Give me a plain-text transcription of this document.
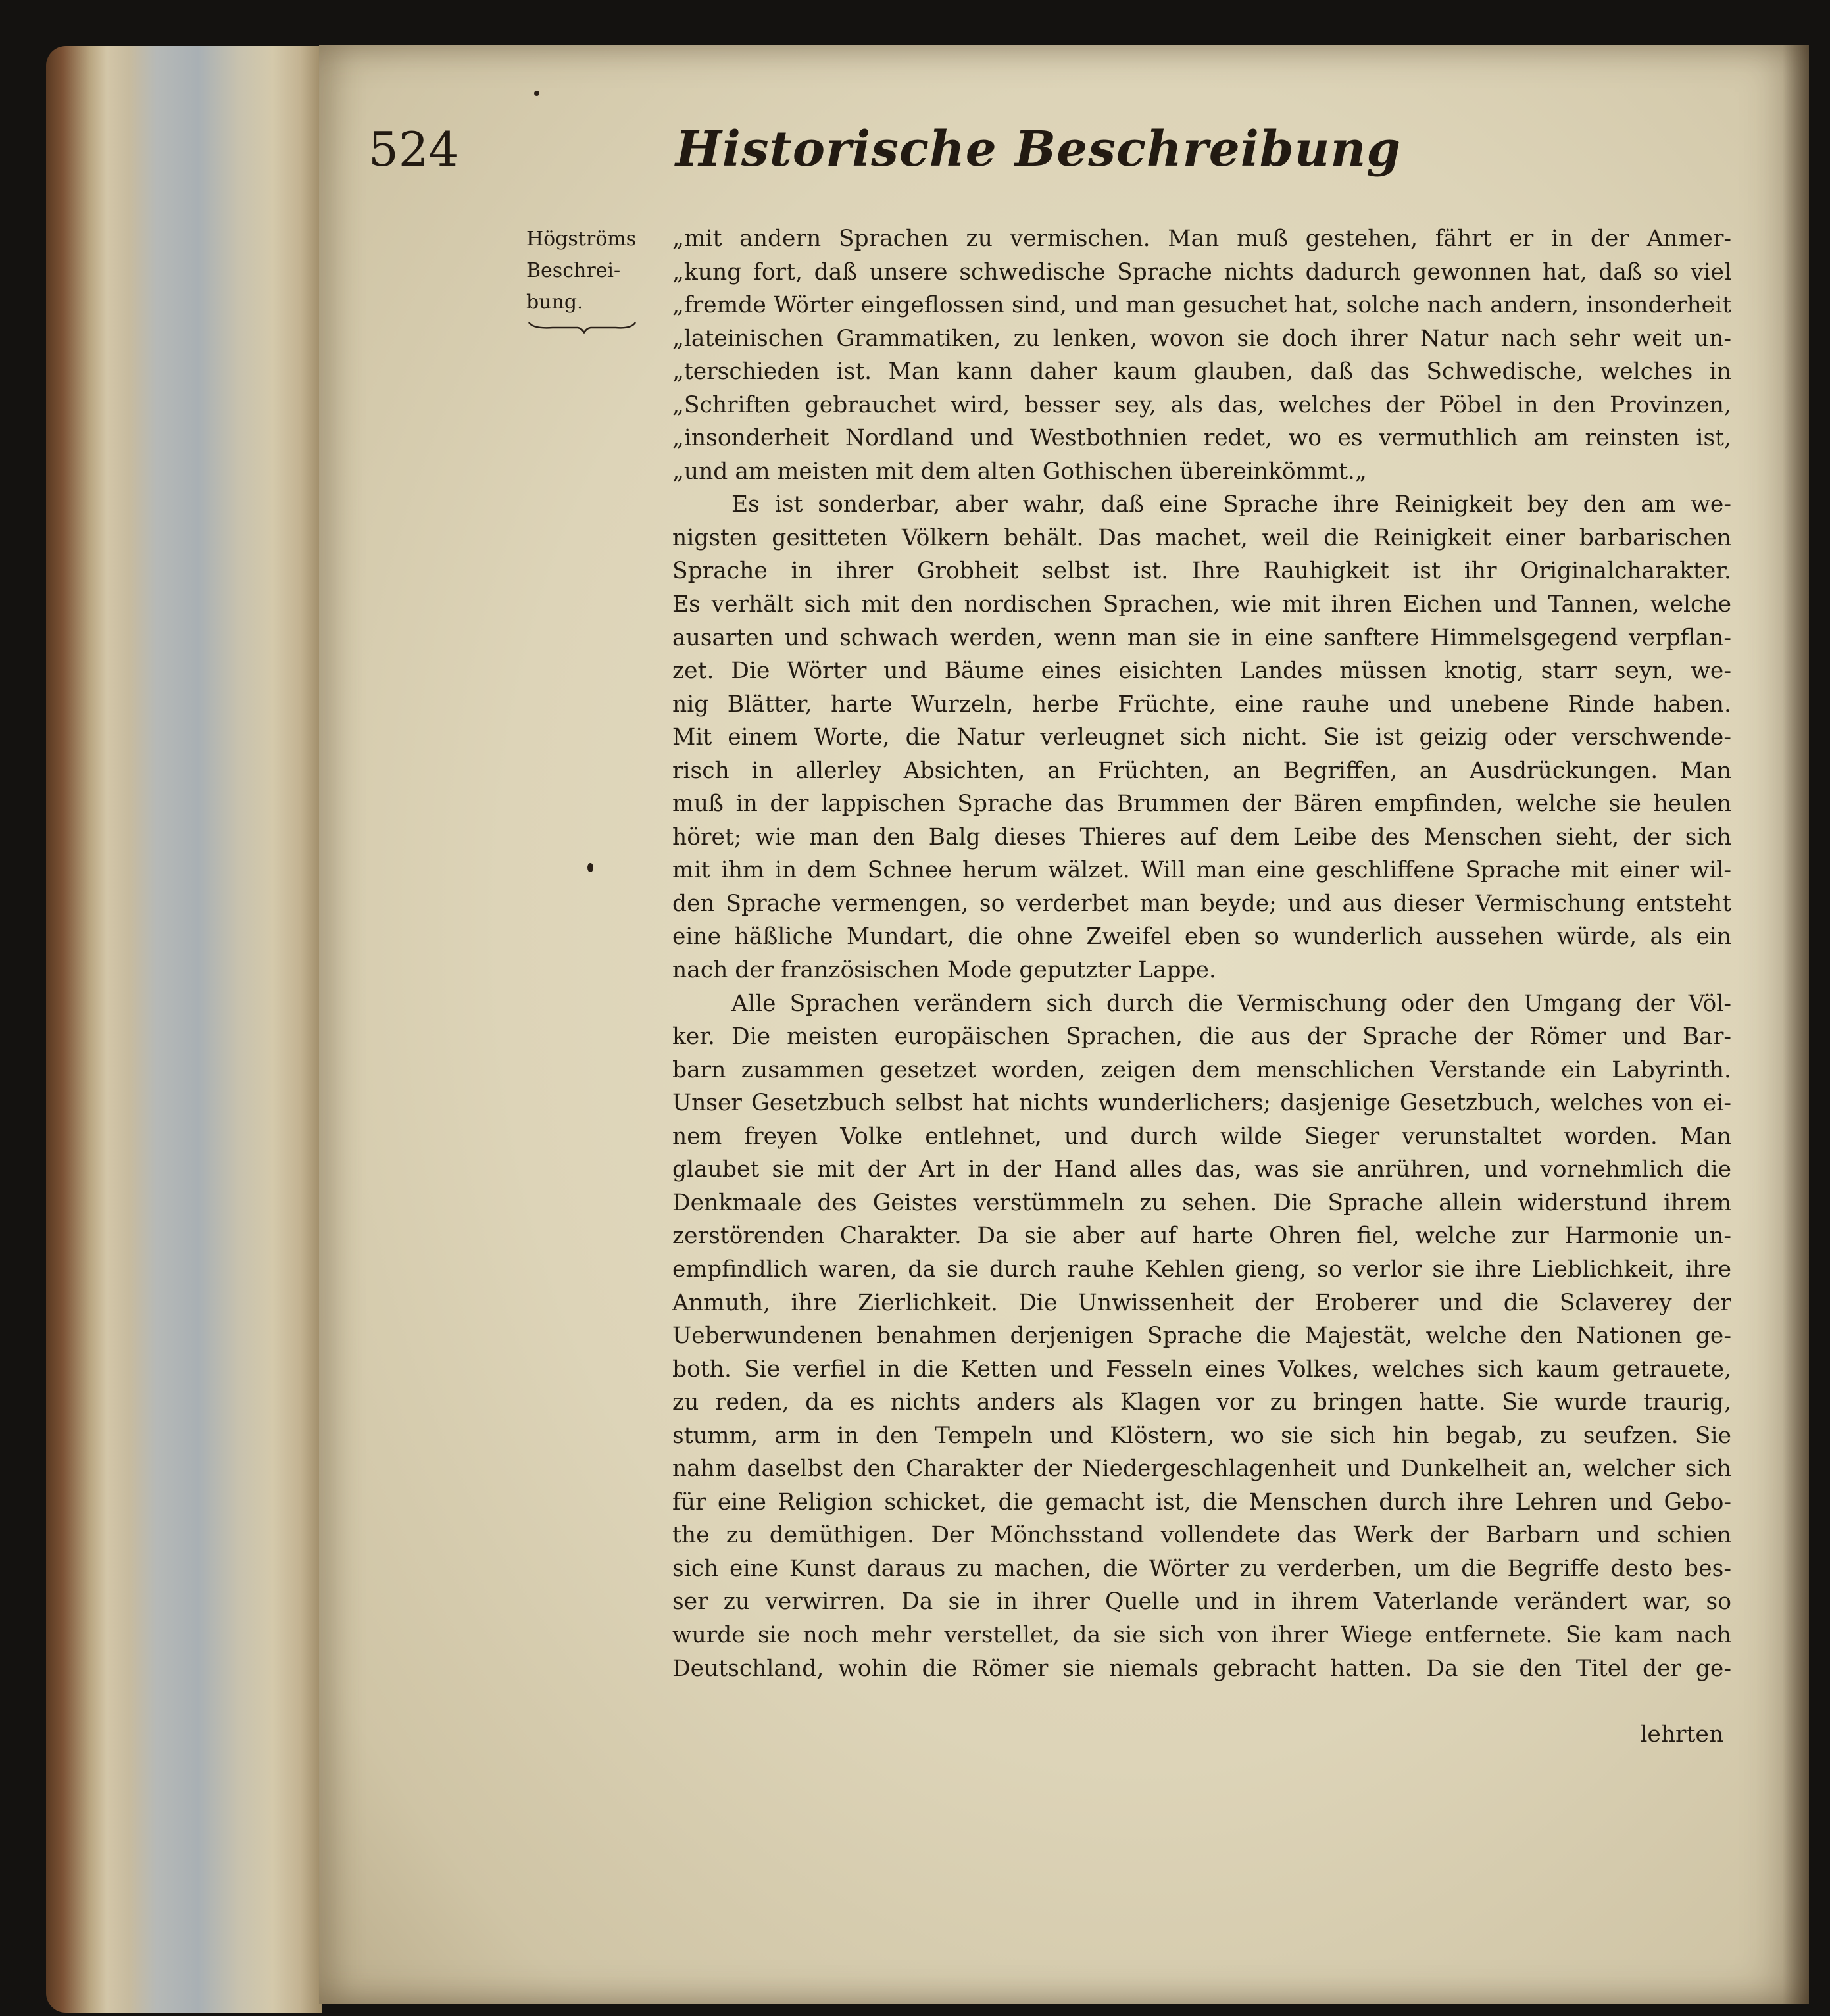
524	Historische Beschreibung
Högströms
Beschrei-
bung.
„mit andern Sprachen zu vermischen. Man muß gestehen, fährt er in der Anmer-
„kung fort, daß unsere schwedische Sprache nichts dadurch gewonnen hat, daß so viel
„fremde Wörter eingeflossen sind, und man gesuchet hat, solche nach andern, insonderheit
„lateinischen Grammatiken, zu lenken, wovon sie doch ihrer Natur nach sehr weit un-
„terschieden ist. Man kann daher kaum glauben, daß das Schwedische, welches in
„Schriften gebrauchet wird, besser sey, als das, welches der Pöbel in den Provinzen,
„insonderheit Nordland und Westbothnien redet, wo es vermuthlich am reinsten ist,
„und am meisten mit dem alten Gothischen übereinkömmt.„
Es ist sonderbar, aber wahr, daß eine Sprache ihre Reinigkeit bey den am we-
nigsten gesitteten Völkern behält. Das machet, weil die Reinigkeit einer barbarischen
Sprache in ihrer Grobheit selbst ist. Ihre Rauhigkeit ist ihr Originalcharakter.
Es verhält sich mit den nordischen Sprachen, wie mit ihren Eichen und Tannen, welche
ausarten und schwach werden, wenn man sie in eine sanftere Himmelsgegend verpflan-
zet. Die Wörter und Bäume eines eisichten Landes müssen knotig, starr seyn, we-
nig Blätter, harte Wurzeln, herbe Früchte, eine rauhe und unebene Rinde haben.
Mit einem Worte, die Natur verleugnet sich nicht. Sie ist geizig oder verschwende-
risch in allerley Absichten, an Früchten, an Begriffen, an Ausdrückungen. Man
muß in der lappischen Sprache das Brummen der Bären empfinden, welche sie heulen
höret; wie man den Balg dieses Thieres auf dem Leibe des Menschen sieht, der sich
mit ihm in dem Schnee herum wälzet. Will man eine geschliffene Sprache mit einer wil-
den Sprache vermengen, so verderbet man beyde; und aus dieser Vermischung entsteht
eine häßliche Mundart, die ohne Zweifel eben so wunderlich aussehen würde, als ein
nach der französischen Mode geputzter Lappe.
Alle Sprachen verändern sich durch die Vermischung oder den Umgang der Völ-
ker. Die meisten europäischen Sprachen, die aus der Sprache der Römer und Bar-
barn zusammen gesetzet worden, zeigen dem menschlichen Verstande ein Labyrinth.
Unser Gesetzbuch selbst hat nichts wunderlichers; dasjenige Gesetzbuch, welches von ei-
nem freyen Volke entlehnet, und durch wilde Sieger verunstaltet worden. Man
glaubet sie mit der Art in der Hand alles das, was sie anrühren, und vornehmlich die
Denkmaale des Geistes verstümmeln zu sehen. Die Sprache allein widerstund ihrem
zerstörenden Charakter. Da sie aber auf harte Ohren fiel, welche zur Harmonie un-
empfindlich waren, da sie durch rauhe Kehlen gieng, so verlor sie ihre Lieblichkeit, ihre
Anmuth, ihre Zierlichkeit. Die Unwissenheit der Eroberer und die Sclaverey der
Ueberwundenen benahmen derjenigen Sprache die Majestät, welche den Nationen ge-
both. Sie verfiel in die Ketten und Fesseln eines Volkes, welches sich kaum getrauete,
zu reden, da es nichts anders als Klagen vor zu bringen hatte. Sie wurde traurig,
stumm, arm in den Tempeln und Klöstern, wo sie sich hin begab, zu seufzen. Sie
nahm daselbst den Charakter der Niedergeschlagenheit und Dunkelheit an, welcher sich
für eine Religion schicket, die gemacht ist, die Menschen durch ihre Lehren und Gebo-
the zu demüthigen. Der Mönchsstand vollendete das Werk der Barbarn und schien
sich eine Kunst daraus zu machen, die Wörter zu verderben, um die Begriffe desto bes-
ser zu verwirren. Da sie in ihrer Quelle und in ihrem Vaterlande verändert war, so
wurde sie noch mehr verstellet, da sie sich von ihrer Wiege entfernete. Sie kam nach
Deutschland, wohin die Römer sie niemals gebracht hatten. Da sie den Titel der ge-
lehrten
